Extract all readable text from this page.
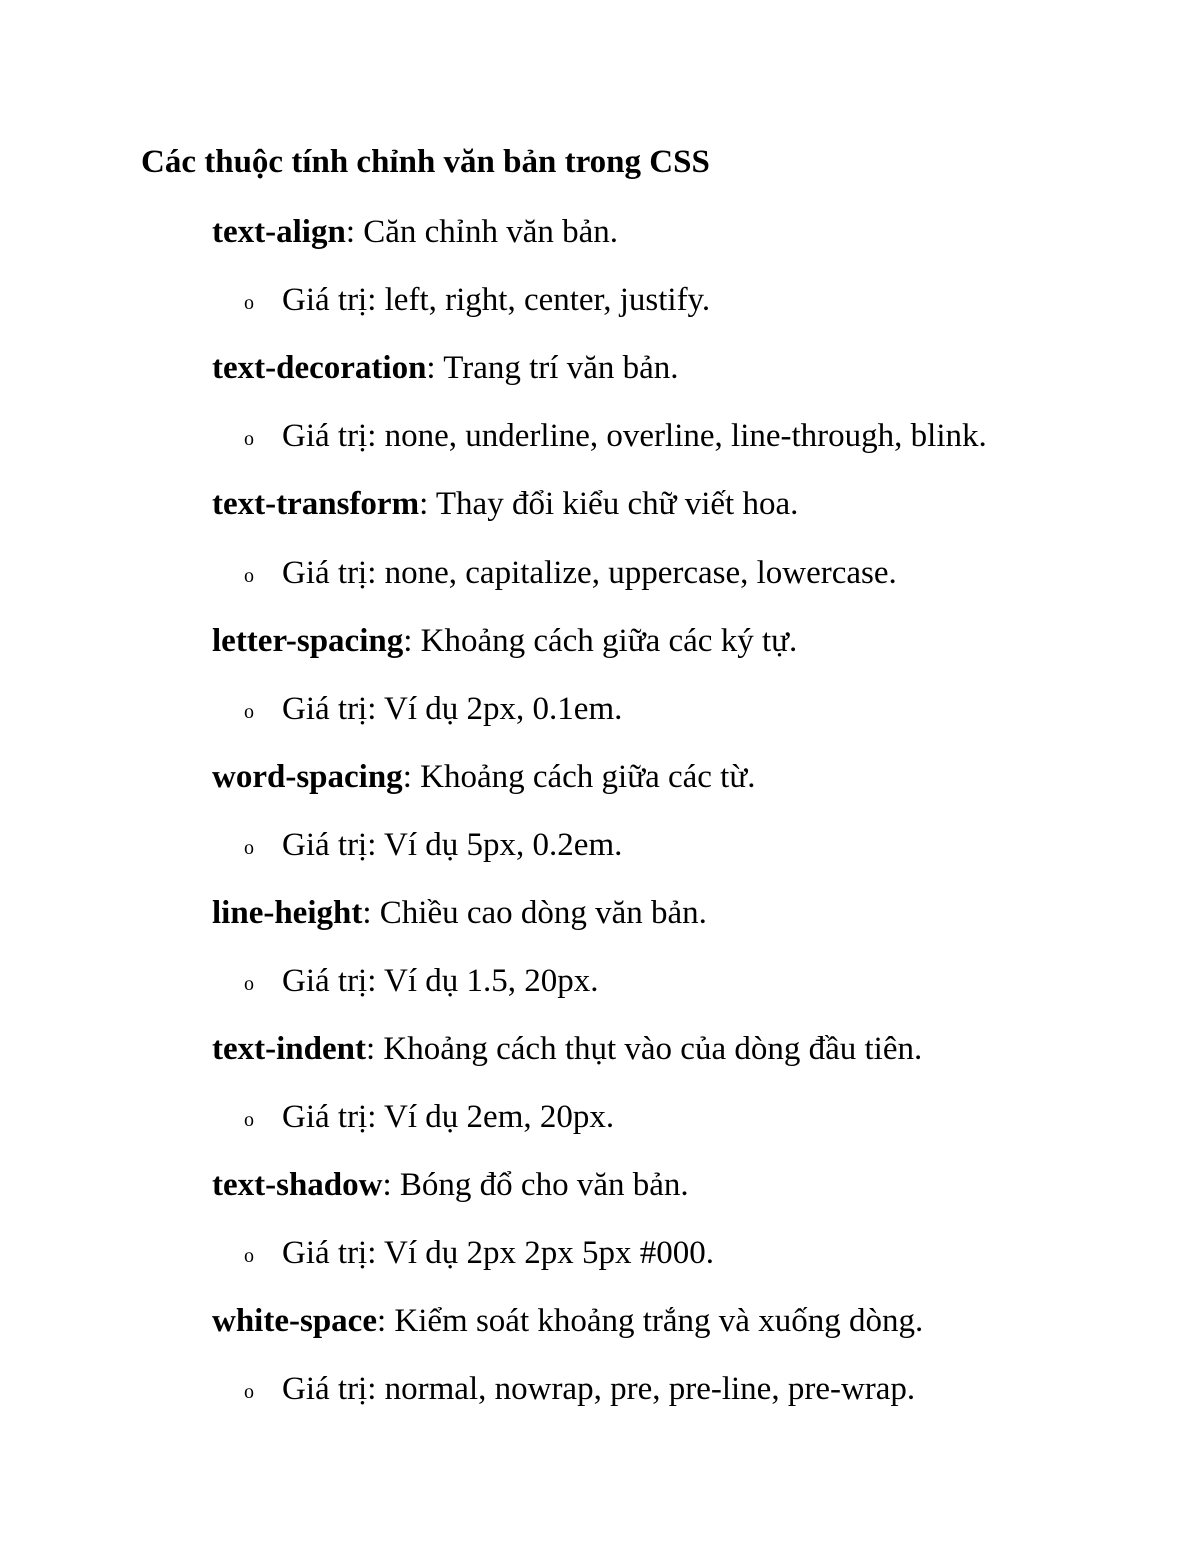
Các thuộc tính chỉnh văn bản trong CSS
text-align: Căn chỉnh văn bản.
o Giá trị: left, right, center, justify.
text-decoration: Trang trí văn bản.
o Giá trị: none, underline, overline, line-through, blink.
text-transform: Thay đổi kiểu chữ viết hoa.
o Giá trị: none, capitalize, uppercase, lowercase.
letter-spacing: Khoảng cách giữa các ký tự.
o Giá trị: Ví dụ 2px, 0.1em.
word-spacing: Khoảng cách giữa các từ.
o Giá trị: Ví dụ 5px, 0.2em.
line-height: Chiều cao dòng văn bản.
o Giá trị: Ví dụ 1.5, 20px.
text-indent: Khoảng cách thụt vào của dòng đầu tiên.
o Giá trị: Ví dụ 2em, 20px.
text-shadow: Bóng đổ cho văn bản.
o Giá trị: Ví dụ 2px 2px 5px #000.
white-space: Kiểm soát khoảng trắng và xuống dòng.
o Giá trị: normal, nowrap, pre, pre-line, pre-wrap.
